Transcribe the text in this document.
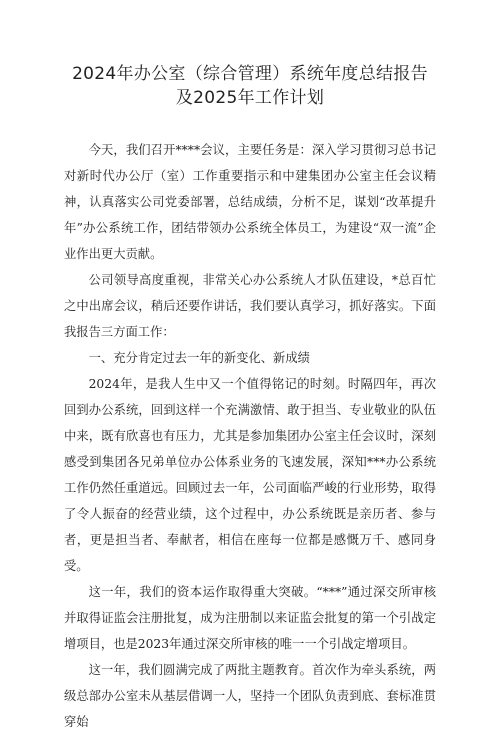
2024年办公室（综合管理）系统年度总结报告
及2025年工作计划

今天，我们召开****会议，主要任务是：深入学习贯彻习总书记对新时代办公厅（室）工作重要指示和中建集团办公室主任会议精神，认真落实公司党委部署，总结成绩，分析不足，谋划“改革提升年”办公系统工作，团结带领办公系统全体员工，为建设“双一流”企业作出更大贡献。

公司领导高度重视，非常关心办公系统人才队伍建设，*总百忙之中出席会议，稍后还要作讲话，我们要认真学习，抓好落实。下面我报告三方面工作：

一、充分肯定过去一年的新变化、新成绩

2024年，是我人生中又一个值得铭记的时刻。时隔四年，再次回到办公系统，回到这样一个充满激情、敢于担当、专业敬业的队伍中来，既有欣喜也有压力，尤其是参加集团办公室主任会议时，深刻感受到集团各兄弟单位办公体系业务的飞速发展，深知***办公系统工作仍然任重道远。回顾过去一年，公司面临严峻的行业形势，取得了令人振奋的经营业绩，这个过程中，办公系统既是亲历者、参与者，更是担当者、奉献者，相信在座每一位都是感慨万千、感同身受。

这一年，我们的资本运作取得重大突破。“***”通过深交所审核并取得证监会注册批复，成为注册制以来证监会批复的第一个引战定增项目，也是2023年通过深交所审核的唯一一个引战定增项目。

这一年，我们圆满完成了两批主题教育。首次作为牵头系统，两级总部办公室未从基层借调一人，坚持一个团队负责到底、套标准贯穿始
